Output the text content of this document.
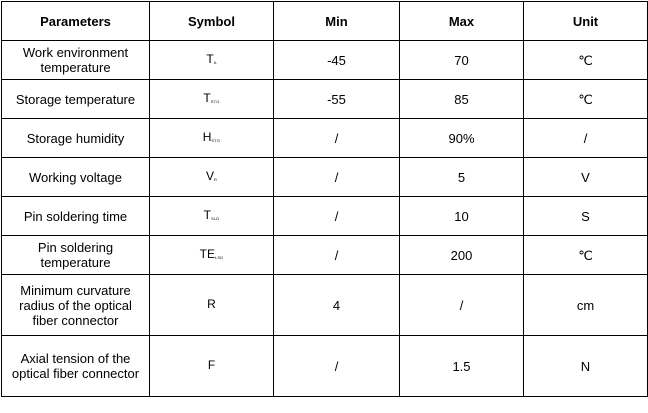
Parameters	Symbol	Min	Max	Unit
Work environment temperature	TA	-45	70	℃
Storage temperature	TSTG	-55	85	℃
Storage humidity	HSTG	/	90%	/
Working voltage	VR	/	5	V
Pin soldering time	TSLD	/	10	S
Pin soldering temperature	TELSD	/	200	℃
Minimum curvature radius of the optical fiber connector	R	4	/	cm
Axial tension of the optical fiber connector	F	/	1.5	N
